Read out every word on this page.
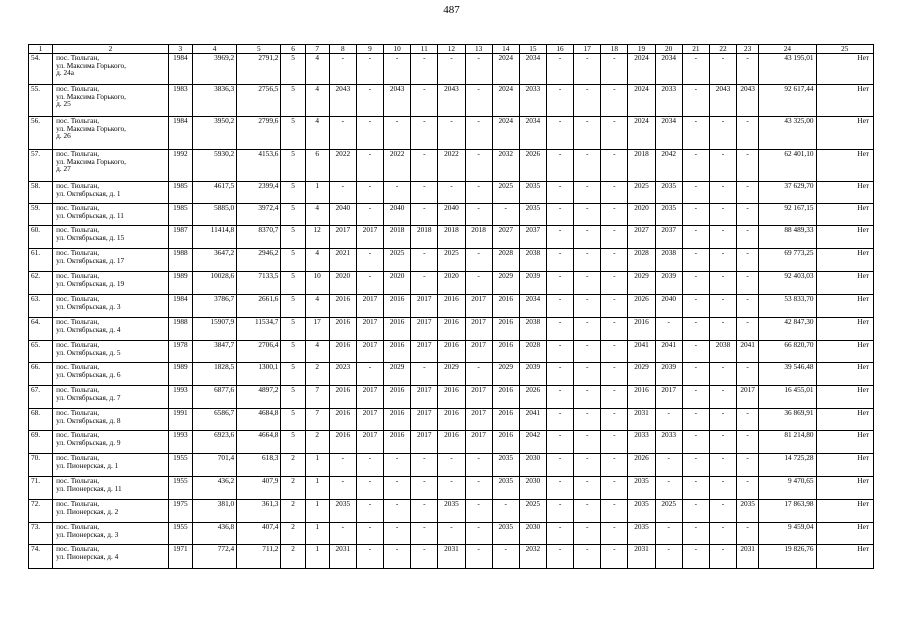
487
1	2	3	4	5	6	7	8	9	10	11	12	13	14	15	16	17	18	19	20	21	22	23	24	25
54.	пос. Тюльган,
ул. Максима Горького,
д. 24а	1984	3969,2	2791,2	5	4	-	-	-	-	-	-	2024	2034	-	-	-	2024	2034	-	-	-	43 195,01	Нет
55.	пос. Тюльган,
ул. Максима Горького,
д. 25	1983	3836,3	2756,5	5	4	2043	-	2043	-	2043	-	2024	2033	-	-	-	2024	2033	-	2043	2043	92 617,44	Нет
56.	пос. Тюльган,
ул. Максима Горького,
д. 26	1984	3950,2	2799,6	5	4	-	-	-	-	-	-	2024	2034	-	-	-	2024	2034	-	-	-	43 325,00	Нет
57.	пос. Тюльган,
ул. Максима Горького,
д. 27	1992	5930,2	4153,6	5	6	2022	-	2022	-	2022	-	2032	2026	-	-	-	2018	2042	-	-	-	62 401,10	Нет
58.	пос. Тюльган,
ул. Октябрьская, д. 1	1985	4617,5	2399,4	5	1	-	-	-	-	-	-	2025	2035	-	-	-	2025	2035	-	-	-	37 629,70	Нет
59.	пос. Тюльган,
ул. Октябрьская, д. 11	1985	5885,0	3972,4	5	4	2040	-	2040	-	2040	-	-	2035	-	-	-	2020	2035	-	-	-	92 167,15	Нет
60.	пос. Тюльган,
ул. Октябрьская, д. 15	1987	11414,8	8370,7	5	12	2017	2017	2018	2018	2018	2018	2027	2037	-	-	-	2027	2037	-	-	-	88 489,33	Нет
61.	пос. Тюльган,
ул. Октябрьская, д. 17	1988	3647,2	2946,2	5	4	2021	-	2025	-	2025	-	2028	2038	-	-	-	2028	2038	-	-	-	69 773,25	Нет
62.	пос. Тюльган,
ул. Октябрьская, д. 19	1989	10028,6	7133,5	5	10	2020	-	2020	-	2020	-	2029	2039	-	-	-	2029	2039	-	-	-	92 403,03	Нет
63.	пос. Тюльган,
ул. Октябрьская, д. 3	1984	3786,7	2661,6	5	4	2016	2017	2016	2017	2016	2017	2016	2034	-	-	-	2026	2040	-	-	-	53 833,70	Нет
64.	пос. Тюльган,
ул. Октябрьская, д. 4	1988	15907,9	11534,7	5	17	2016	2017	2016	2017	2016	2017	2016	2038	-	-	-	2016	-	-	-	-	42 847,30	Нет
65.	пос. Тюльган,
ул. Октябрьская, д. 5	1978	3847,7	2706,4	5	4	2016	2017	2016	2017	2016	2017	2016	2028	-	-	-	2041	2041	-	2038	2041	66 820,70	Нет
66.	пос. Тюльган,
ул. Октябрьская, д. 6	1989	1828,5	1300,1	5	2	2023	-	2029	-	2029	-	2029	2039	-	-	-	2029	2039	-	-	-	39 546,48	Нет
67.	пос. Тюльган,
ул. Октябрьская, д. 7	1993	6877,6	4897,2	5	7	2016	2017	2016	2017	2016	2017	2016	2026	-	-	-	2016	2017	-	-	2017	16 455,01	Нет
68.	пос. Тюльган,
ул. Октябрьская, д. 8	1991	6586,7	4684,8	5	7	2016	2017	2016	2017	2016	2017	2016	2041	-	-	-	2031	-	-	-	-	36 869,91	Нет
69.	пос. Тюльган,
ул. Октябрьская, д. 9	1993	6923,6	4664,8	5	2	2016	2017	2016	2017	2016	2017	2016	2042	-	-	-	2033	2033	-	-	-	81 214,80	Нет
70.	пос. Тюльган,
ул. Пионерская, д. 1	1955	701,4	618,3	2	1	-	-	-	-	-	-	2035	2030	-	-	-	2026	-	-	-	-	14 725,28	Нет
71.	пос. Тюльган,
ул. Пионерская, д. 11	1955	436,2	407,9	2	1	-	-	-	-	-	-	2035	2030	-	-	-	2035	-	-	-	-	9 470,65	Нет
72.	пос. Тюльган,
ул. Пионерская, д. 2	1975	381,0	361,3	2	1	2035	-	-	-	2035	-	-	2025	-	-	-	2035	2025	-	-	2035	17 863,98	Нет
73.	пос. Тюльган,
ул. Пионерская, д. 3	1955	436,8	407,4	2	1	-	-	-	-	-	-	2035	2030	-	-	-	2035	-	-	-	-	9 459,04	Нет
74.	пос. Тюльган,
ул. Пионерская, д. 4	1971	772,4	711,2	2	1	2031	-	-	-	2031	-	-	2032	-	-	-	2031	-	-	-	2031	19 826,76	Нет
